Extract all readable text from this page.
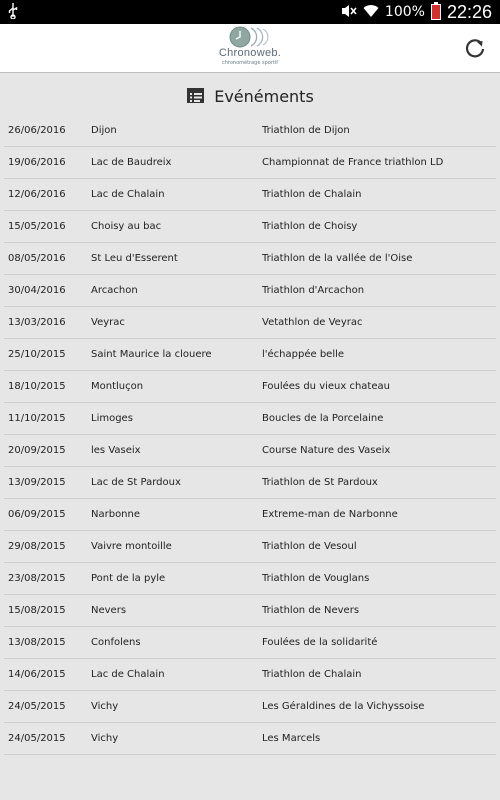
100% 22:26
Chronoweb.
chronométrage sportif
Evénéments
26/06/2016	Dijon	Triathlon de Dijon
19/06/2016	Lac de Baudreix	Championnat de France triathlon LD
12/06/2016	Lac de Chalain	Triathlon de Chalain
15/05/2016	Choisy au bac	Triathlon de Choisy
08/05/2016	St Leu d'Esserent	Triathlon de la vallée de l'Oise
30/04/2016	Arcachon	Triathlon d'Arcachon
13/03/2016	Veyrac	Vetathlon de Veyrac
25/10/2015	Saint Maurice la clouere	l'échappée belle
18/10/2015	Montluçon	Foulées du vieux chateau
11/10/2015	Limoges	Boucles de la Porcelaine
20/09/2015	les Vaseix	Course Nature des Vaseix
13/09/2015	Lac de St Pardoux	Triathlon de St Pardoux
06/09/2015	Narbonne	Extreme-man de Narbonne
29/08/2015	Vaivre montoille	Triathlon de Vesoul
23/08/2015	Pont de la pyle	Triathlon de Vouglans
15/08/2015	Nevers	Triathlon de Nevers
13/08/2015	Confolens	Foulées de la solidarité
14/06/2015	Lac de Chalain	Triathlon de Chalain
24/05/2015	Vichy	Les Géraldines de la Vichyssoise
24/05/2015	Vichy	Les Marcels
